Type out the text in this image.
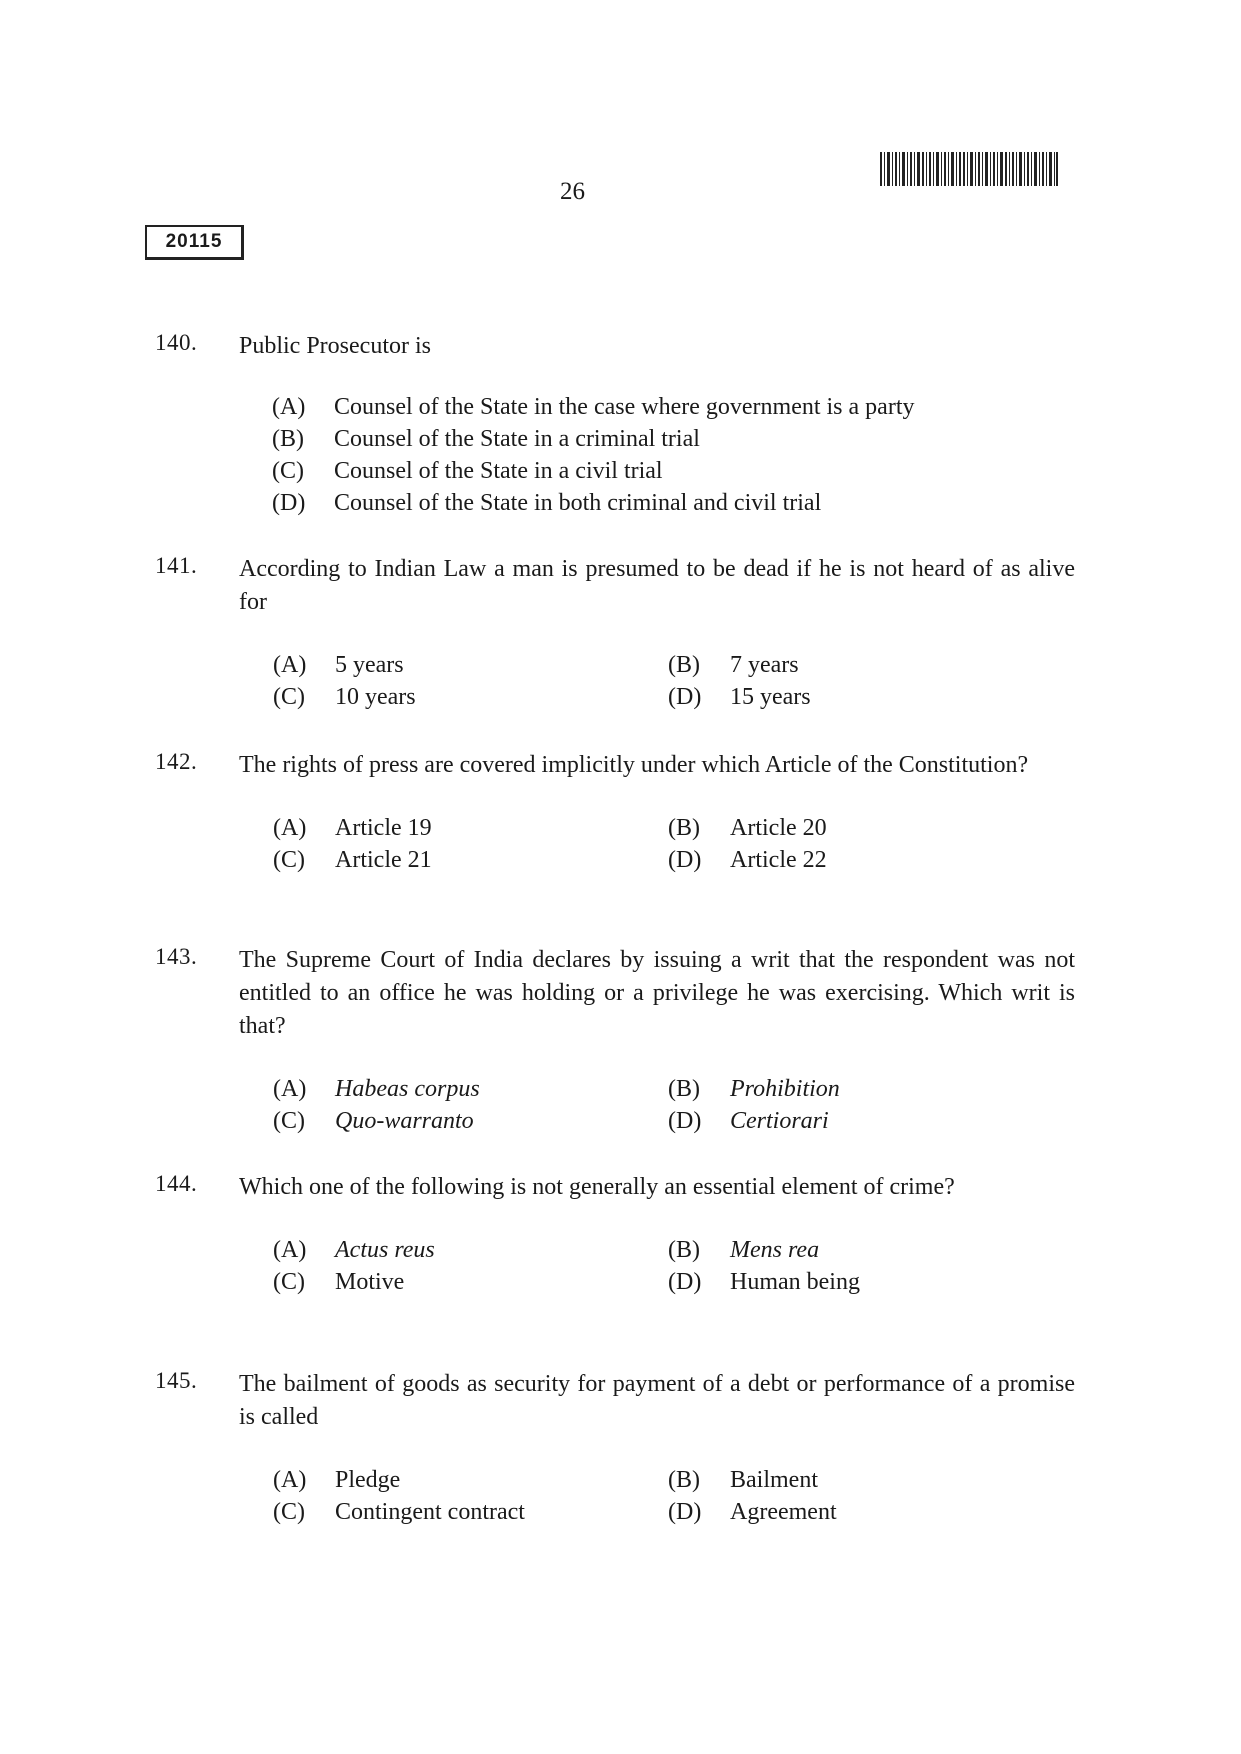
26
20115
140. Public Prosecutor is
(A)	Counsel of the State in the case where government is a party
(B)	Counsel of the State in a criminal trial
(C)	Counsel of the State in a civil trial
(D)	Counsel of the State in both criminal and civil trial
141. According to Indian Law a man is presumed to be dead if he is not heard of as alive for
(A)	5 years	(B)	7 years
(C)	10 years	(D)	15 years
142. The rights of press are covered implicitly under which Article of the Constitution?
(A)	Article 19	(B)	Article 20
(C)	Article 21	(D)	Article 22
143. The Supreme Court of India declares by issuing a writ that the respondent was not entitled to an office he was holding or a privilege he was exercising. Which writ is that?
(A)	Habeas corpus	(B)	Prohibition
(C)	Quo-warranto	(D)	Certiorari
144. Which one of the following is not generally an essential element of crime?
(A)	Actus reus	(B)	Mens rea
(C)	Motive	(D)	Human being
145. The bailment of goods as security for payment of a debt or performance of a promise is called
(A)	Pledge	(B)	Bailment
(C)	Contingent contract	(D)	Agreement
